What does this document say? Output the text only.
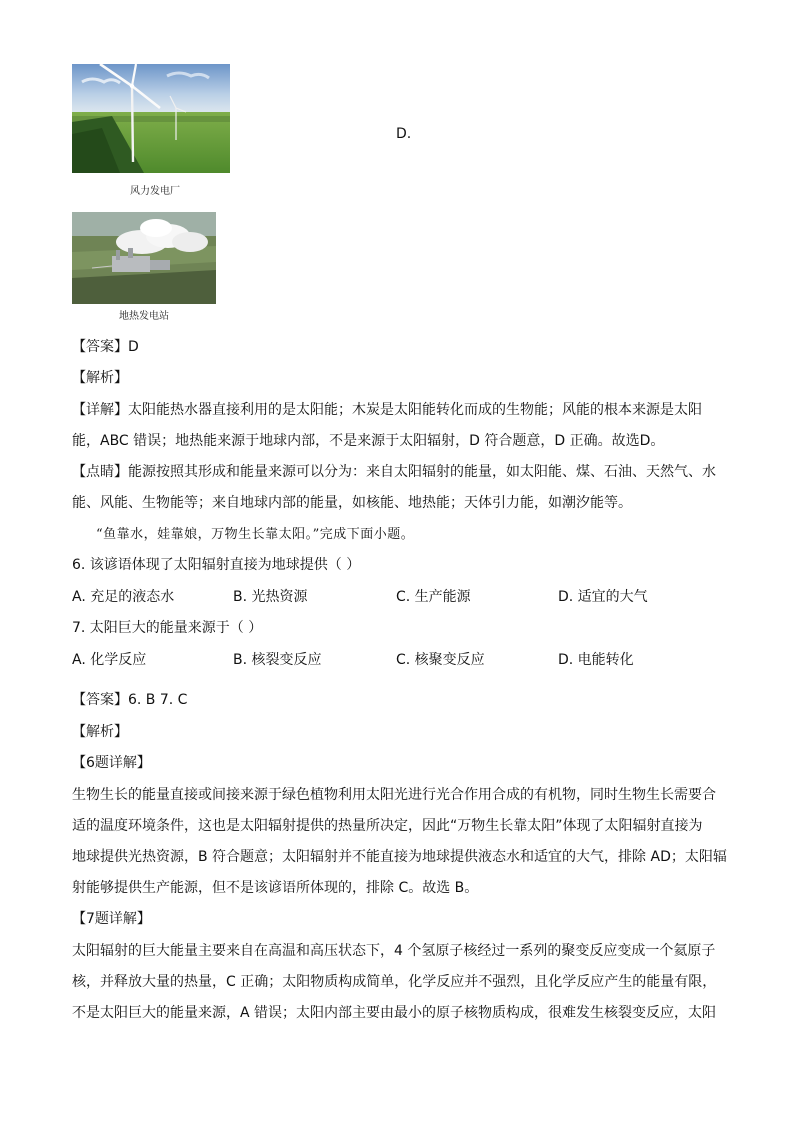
风力发电厂
D.
地热发电站
【答案】D
【解析】
【详解】太阳能热水器直接利用的是太阳能；木炭是太阳能转化而成的生物能；风能的根本来源是太阳
能，ABC 错误；地热能来源于地球内部，不是来源于太阳辐射，D 符合题意，D 正确。故选D。
【点睛】能源按照其形成和能量来源可以分为：来自太阳辐射的能量，如太阳能、煤、石油、天然气、水
能、风能、生物能等；来自地球内部的能量，如核能、地热能；天体引力能，如潮汐能等。
“鱼靠水，娃靠娘，万物生长靠太阳。”完成下面小题。
6. 该谚语体现了太阳辐射直接为地球提供（ ）
A. 充足的液态水	B. 光热资源	C. 生产能源	D. 适宜的大气
7. 太阳巨大的能量来源于（ ）
A. 化学反应	B. 核裂变反应	C. 核聚变反应	D. 电能转化
【答案】6. B 7. C
【解析】
【6题详解】
生物生长的能量直接或间接来源于绿色植物利用太阳光进行光合作用合成的有机物，同时生物生长需要合
适的温度环境条件，这也是太阳辐射提供的热量所决定，因此“万物生长靠太阳”体现了太阳辐射直接为
地球提供光热资源，B 符合题意；太阳辐射并不能直接为地球提供液态水和适宜的大气，排除 AD；太阳辐
射能够提供生产能源，但不是该谚语所体现的，排除 C。故选 B。
【7题详解】
太阳辐射的巨大能量主要来自在高温和高压状态下，4 个氢原子核经过一系列的聚变反应变成一个氦原子
核，并释放大量的热量，C 正确；太阳物质构成简单，化学反应并不强烈，且化学反应产生的能量有限，
不是太阳巨大的能量来源，A 错误；太阳内部主要由最小的原子核物质构成，很难发生核裂变反应，太阳
